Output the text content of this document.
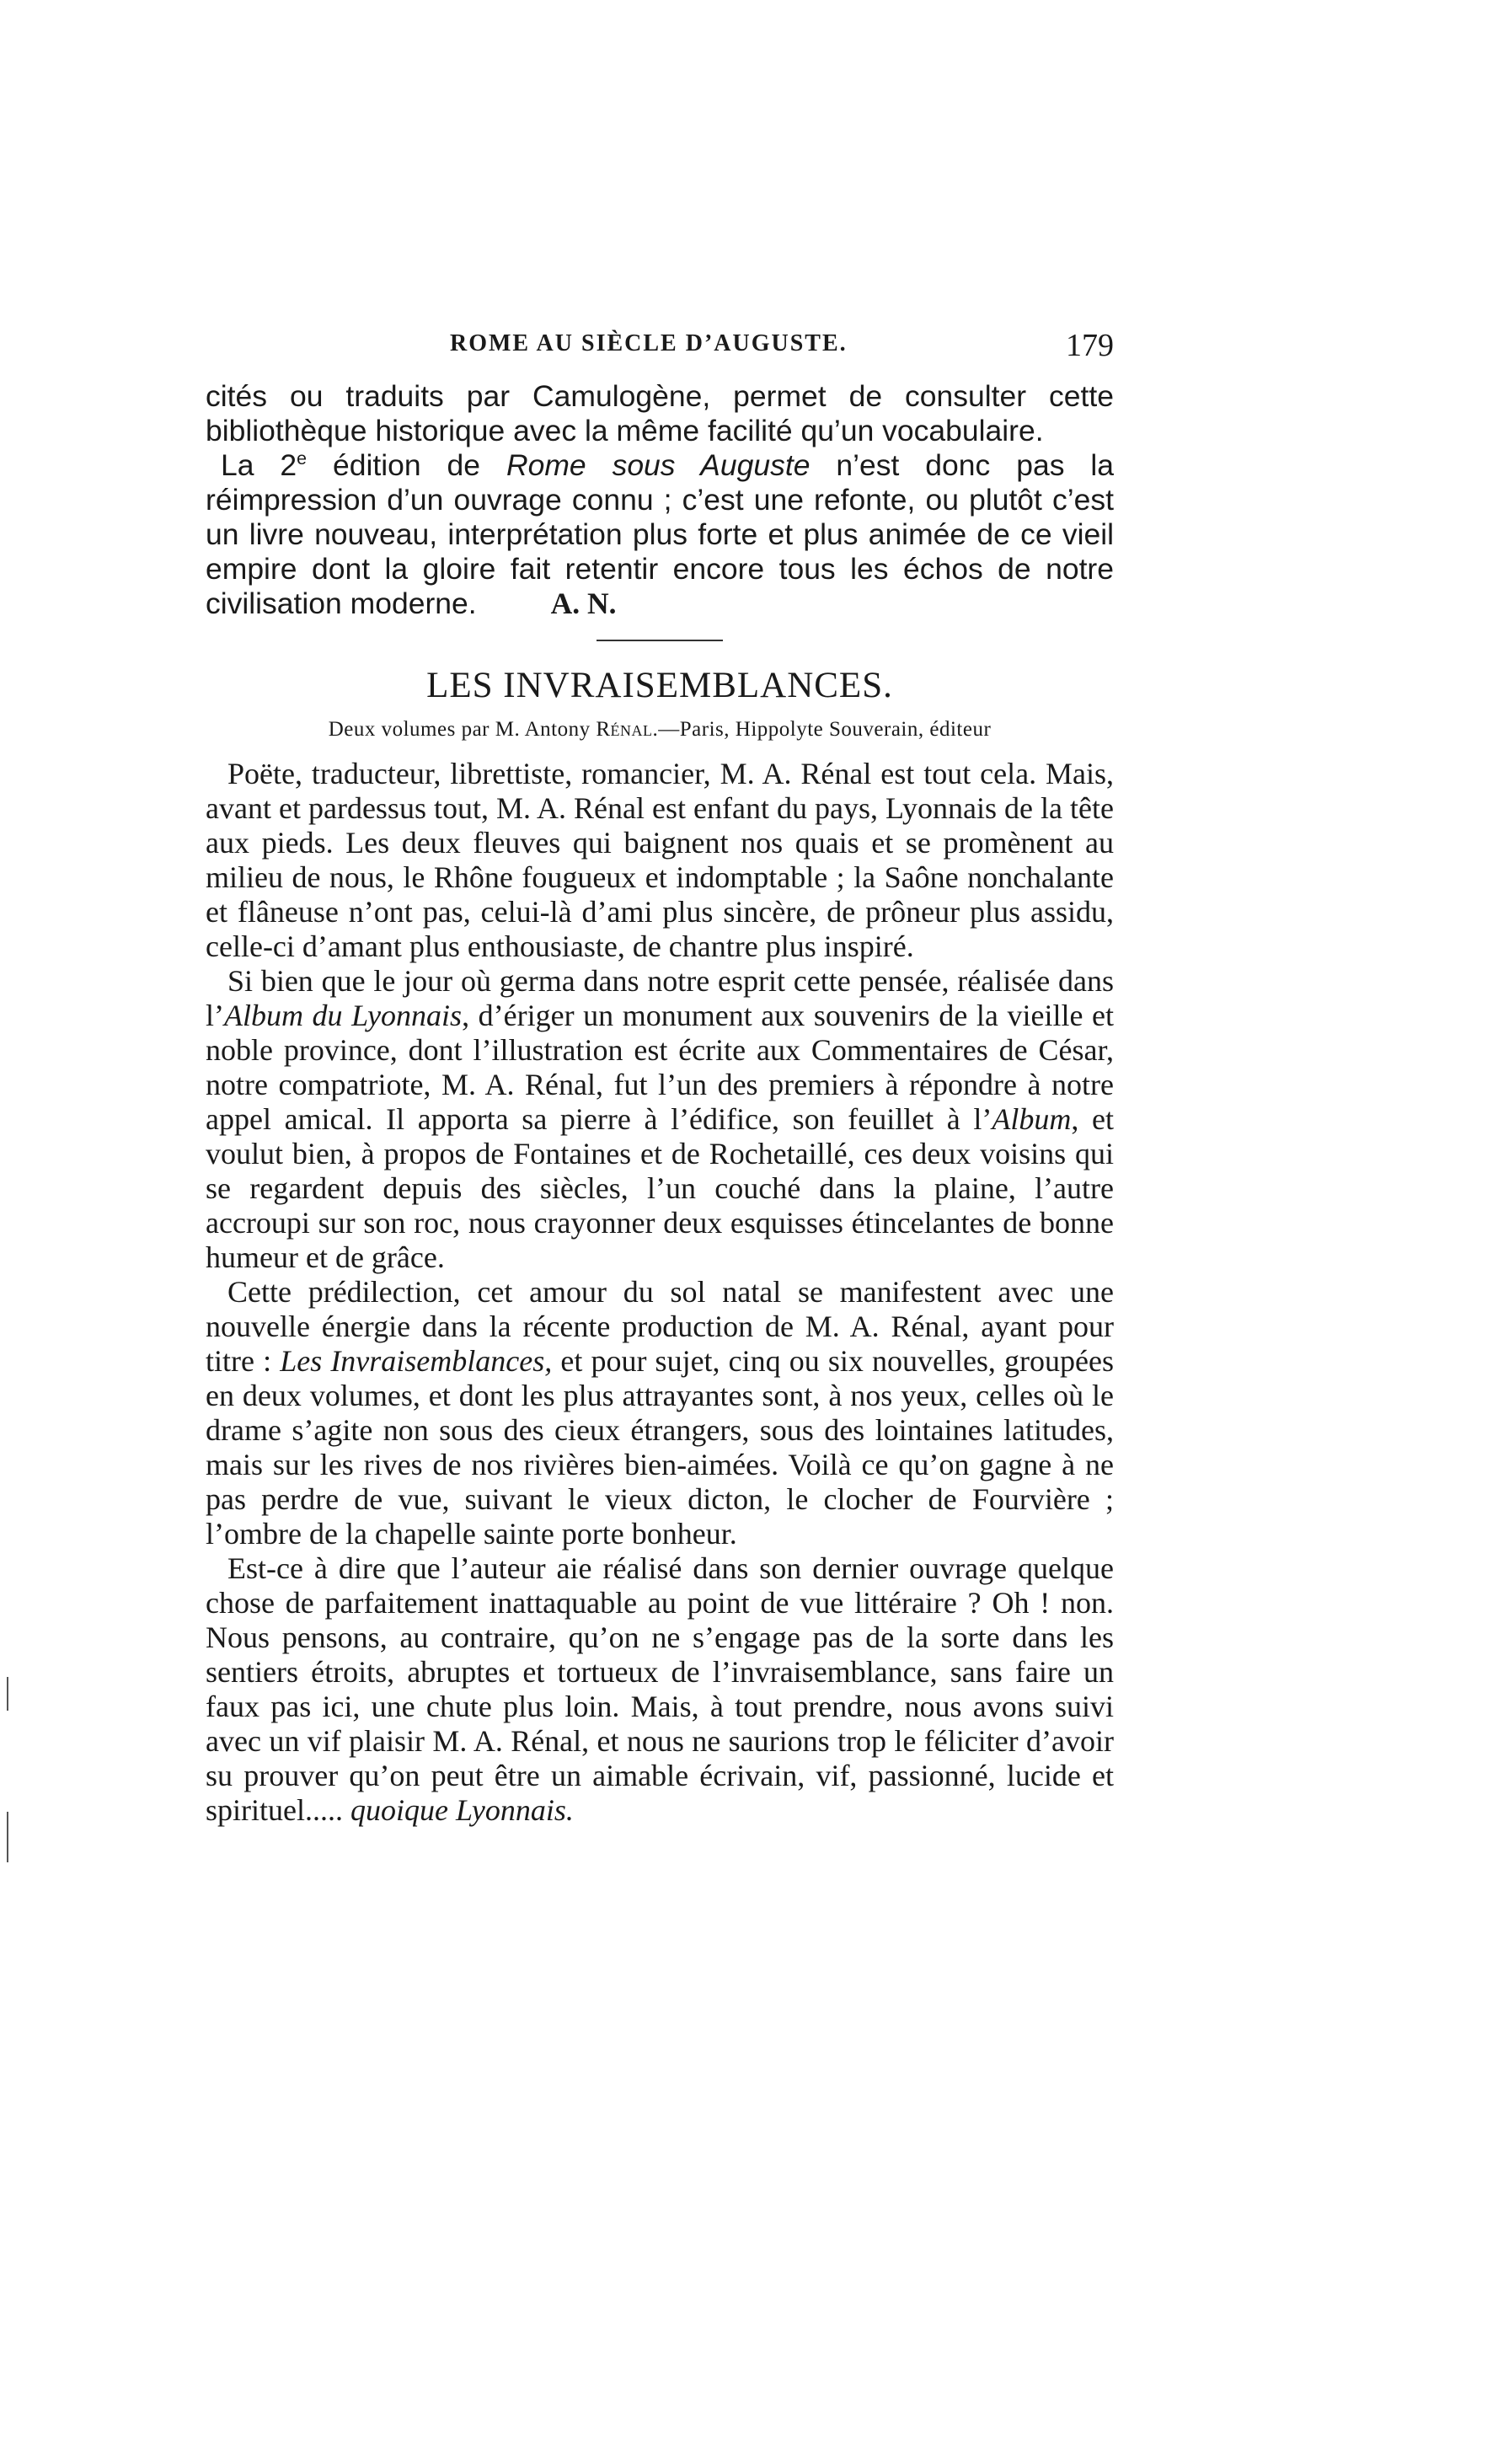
ROME AU SIÈCLE D’AUGUSTE.	179

cités ou traduits par Camulogène, permet de consulter cette bibliothèque historique avec la même facilité qu’un vocabulaire.

La 2e édition de Rome sous Auguste n’est donc pas la réimpression d’un ouvrage connu ; c’est une refonte, ou plutôt c’est un livre nouveau, interprétation plus forte et plus animée de ce vieil empire dont la gloire fait retentir encore tous les échos de notre civilisation moderne. A. N.

LES INVRAISEMBLANCES.
Deux volumes par M. Antony Rénal.—Paris, Hippolyte Souverain, éditeur

Poëte, traducteur, librettiste, romancier, M. A. Rénal est tout cela. Mais, avant et pardessus tout, M. A. Rénal est enfant du pays, Lyonnais de la tête aux pieds. Les deux fleuves qui baignent nos quais et se promènent au milieu de nous, le Rhône fougueux et indomptable ; la Saône nonchalante et flâneuse n’ont pas, celui-là d’ami plus sincère, de prôneur plus assidu, celle-ci d’amant plus enthousiaste, de chantre plus inspiré.

Si bien que le jour où germa dans notre esprit cette pensée, réalisée dans l’Album du Lyonnais, d’ériger un monument aux souvenirs de la vieille et noble province, dont l’illustration est écrite aux Commentaires de César, notre compatriote, M. A. Rénal, fut l’un des premiers à répondre à notre appel amical. Il apporta sa pierre à l’édifice, son feuillet à l’Album, et voulut bien, à propos de Fontaines et de Rochetaillé, ces deux voisins qui se regardent depuis des siècles, l’un couché dans la plaine, l’autre accroupi sur son roc, nous crayonner deux esquisses étincelantes de bonne humeur et de grâce.

Cette prédilection, cet amour du sol natal se manifestent avec une nouvelle énergie dans la récente production de M. A. Rénal, ayant pour titre : Les Invraisemblances, et pour sujet, cinq ou six nouvelles, groupées en deux volumes, et dont les plus attrayantes sont, à nos yeux, celles où le drame s’agite non sous des cieux étrangers, sous des lointaines latitudes, mais sur les rives de nos rivières bien-aimées. Voilà ce qu’on gagne à ne pas perdre de vue, suivant le vieux dicton, le clocher de Fourvière ; l’ombre de la chapelle sainte porte bonheur.

Est-ce à dire que l’auteur aie réalisé dans son dernier ouvrage quelque chose de parfaitement inattaquable au point de vue littéraire ? Oh ! non. Nous pensons, au contraire, qu’on ne s’engage pas de la sorte dans les sentiers étroits, abruptes et tortueux de l’invraisemblance, sans faire un faux pas ici, une chute plus loin. Mais, à tout prendre, nous avons suivi avec un vif plaisir M. A. Rénal, et nous ne saurions trop le féliciter d’avoir su prouver qu’on peut être un aimable écrivain, vif, passionné, lucide et spirituel..... quoique Lyonnais.
